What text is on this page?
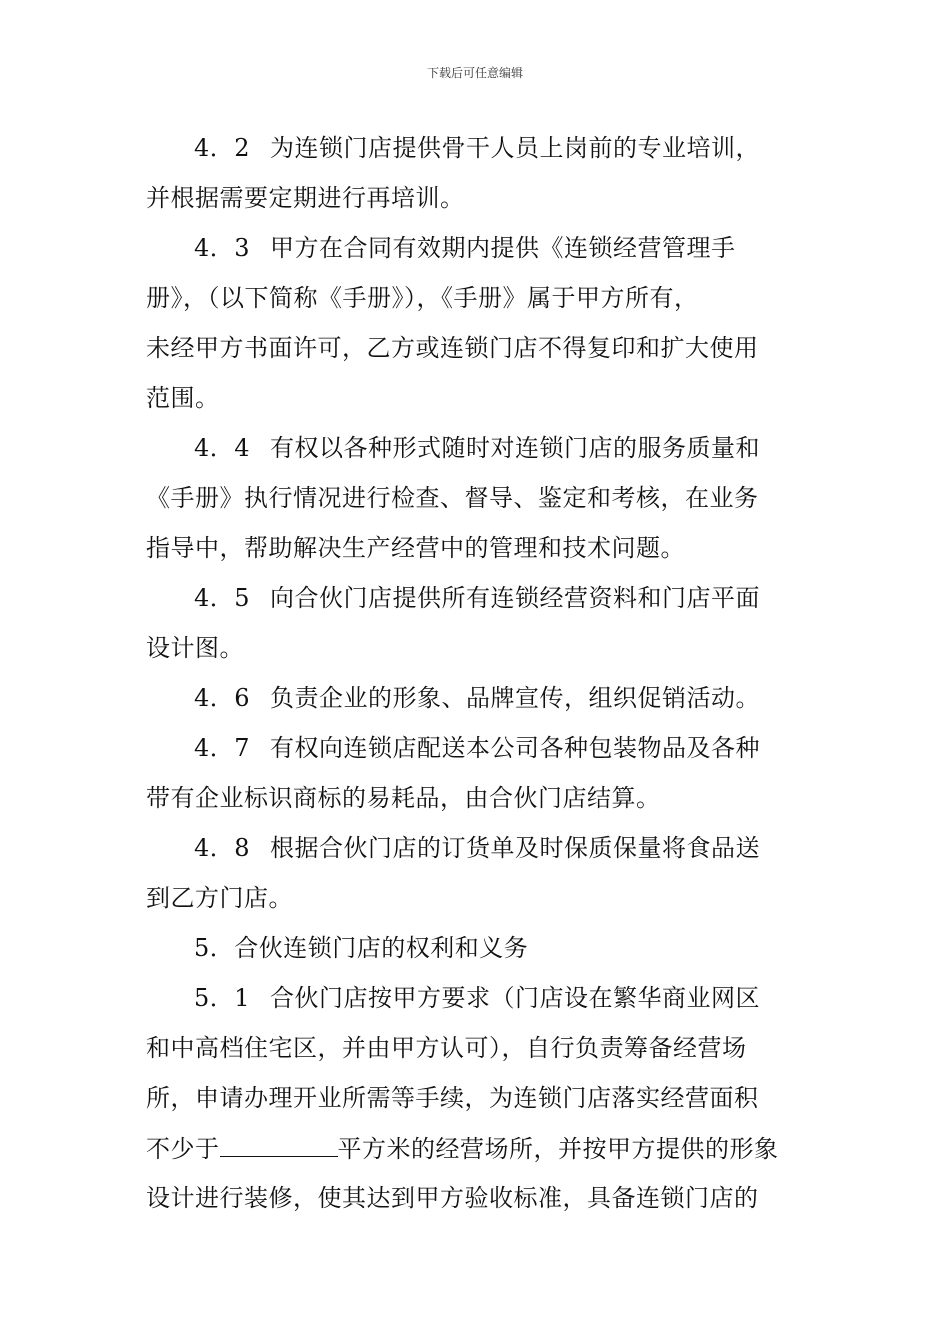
下载后可任意编辑
4．2 为连锁门店提供骨干人员上岗前的专业培训，
并根据需要定期进行再培训。
4．3 甲方在合同有效期内提供《连锁经营管理手
册》，（以下简称《手册》），《手册》属于甲方所有，
未经甲方书面许可，乙方或连锁门店不得复印和扩大使用
范围。
4．4 有权以各种形式随时对连锁门店的服务质量和
《手册》执行情况进行检查、督导、鉴定和考核，在业务
指导中，帮助解决生产经营中的管理和技术问题。
4．5 向合伙门店提供所有连锁经营资料和门店平面
设计图。
4．6 负责企业的形象、品牌宣传，组织促销活动。
4．7 有权向连锁店配送本公司各种包装物品及各种
带有企业标识商标的易耗品，由合伙门店结算。
4．8 根据合伙门店的订货单及时保质保量将食品送
到乙方门店。
5．合伙连锁门店的权利和义务
5．1 合伙门店按甲方要求（门店设在繁华商业网区
和中高档住宅区，并由甲方认可），自行负责筹备经营场
所，申请办理开业所需等手续，为连锁门店落实经营面积
不少于	平方米的经营场所，并按甲方提供的形象
设计进行装修，使其达到甲方验收标准，具备连锁门店的
